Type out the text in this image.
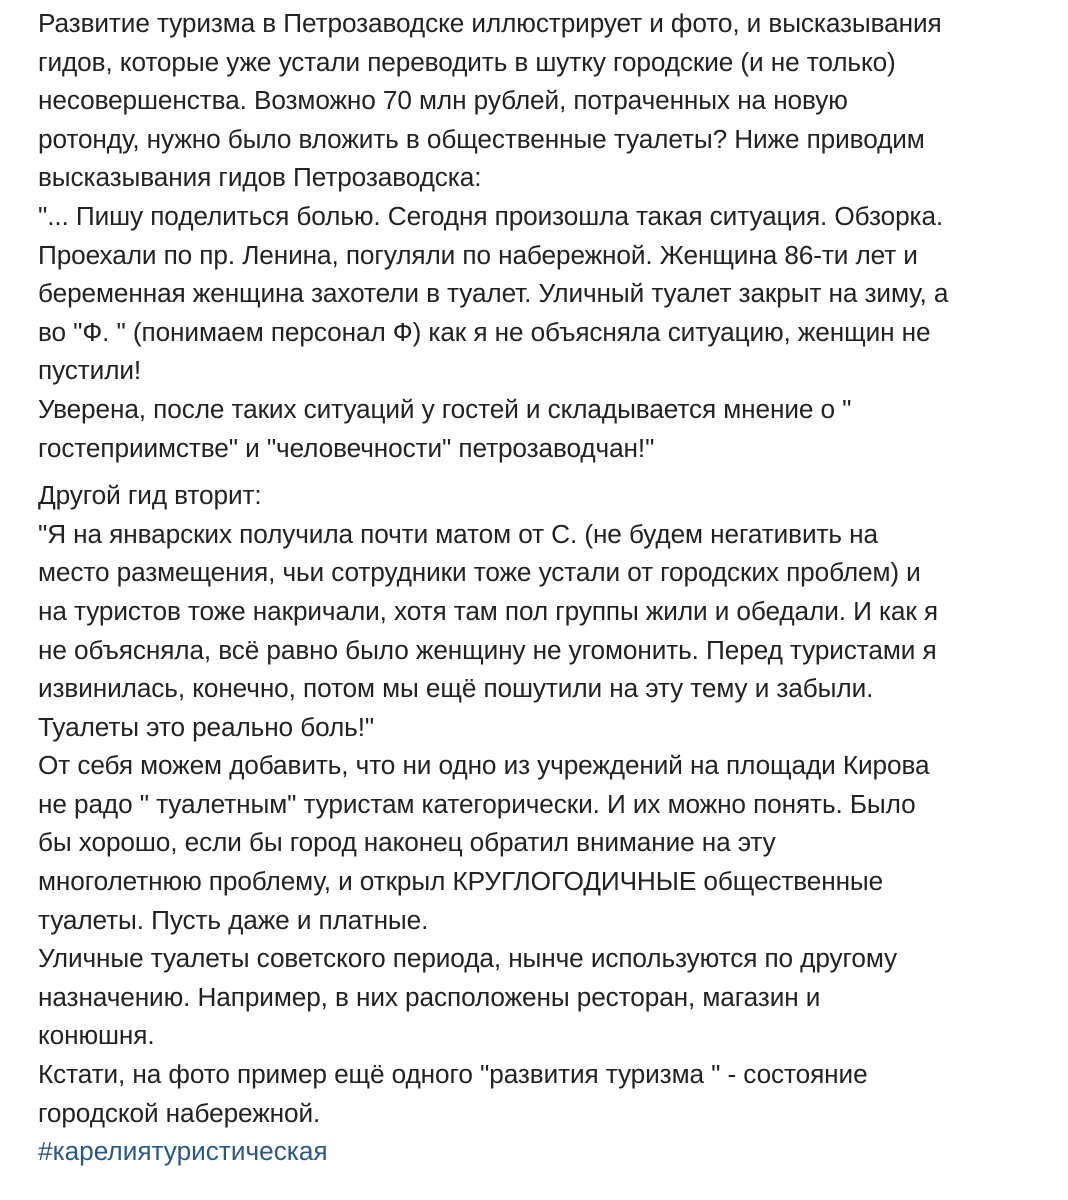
Развитие туризма в Петрозаводске иллюстрирует и фото, и высказывания
гидов, которые уже устали переводить в шутку городские (и не только)
несовершенства. Возможно 70 млн рублей, потраченных на новую
ротонду, нужно было вложить в общественные туалеты? Ниже приводим
высказывания гидов Петрозаводска:
"... Пишу поделиться болью. Сегодня произошла такая ситуация. Обзорка.
Проехали по пр. Ленина, погуляли по набережной. Женщина 86-ти лет и
беременная женщина захотели в туалет. Уличный туалет закрыт на зиму, а
во "Ф. " (понимаем персонал Ф) как я не объясняла ситуацию, женщин не
пустили!
Уверена, после таких ситуаций у гостей и складывается мнение о "
гостеприимстве" и "человечности" петрозаводчан!"
Другой гид вторит:
"Я на январских получила почти матом от С. (не будем негативить на
место размещения, чьи сотрудники тоже устали от городских проблем) и
на туристов тоже накричали, хотя там пол группы жили и обедали. И как я
не объясняла, всё равно было женщину не угомонить. Перед туристами я
извинилась, конечно, потом мы ещё пошутили на эту тему и забыли.
Туалеты это реально боль!"
От себя можем добавить, что ни одно из учреждений на площади Кирова
не радо " туалетным" туристам категорически. И их можно понять. Было
бы хорошо, если бы город наконец обратил внимание на эту
многолетнюю проблему, и открыл КРУГЛОГОДИЧНЫЕ общественные
туалеты. Пусть даже и платные.
Уличные туалеты советского периода, нынче используются по другому
назначению. Например, в них расположены ресторан, магазин и
конюшня.
Кстати, на фото пример ещё одного "развития туризма " - состояние
городской набережной.
#карелиятуристическая
